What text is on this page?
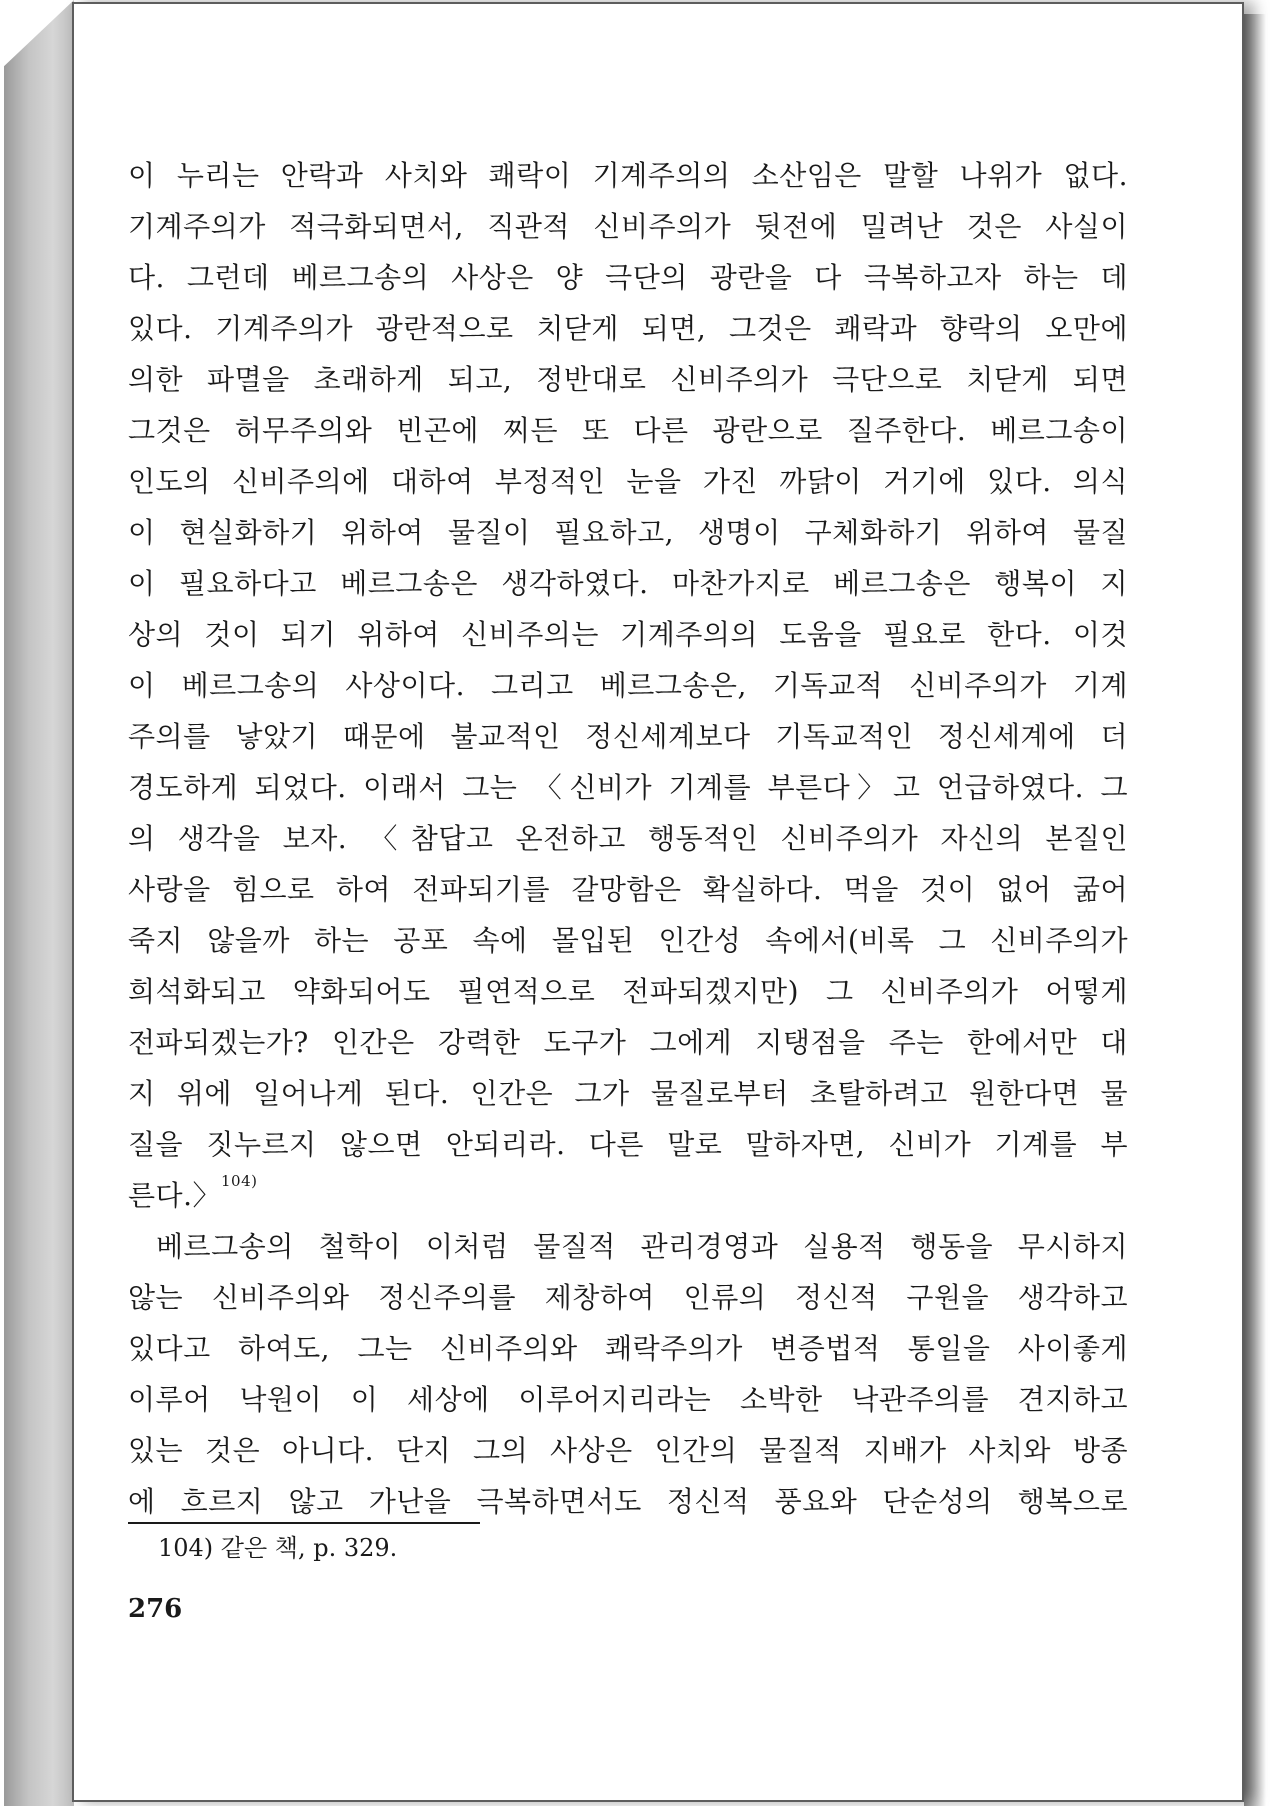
이 누리는 안락과 사치와 쾌락이 기계주의의 소산임은 말할 나위가 없다.
기계주의가 적극화되면서, 직관적 신비주의가 뒷전에 밀려난 것은 사실이
다. 그런데 베르그송의 사상은 양 극단의 광란을 다 극복하고자 하는 데
있다. 기계주의가 광란적으로 치닫게 되면, 그것은 쾌락과 향락의 오만에
의한 파멸을 초래하게 되고, 정반대로 신비주의가 극단으로 치닫게 되면
그것은 허무주의와 빈곤에 찌든 또 다른 광란으로 질주한다. 베르그송이
인도의 신비주의에 대하여 부정적인 눈을 가진 까닭이 거기에 있다. 의식
이 현실화하기 위하여 물질이 필요하고, 생명이 구체화하기 위하여 물질
이 필요하다고 베르그송은 생각하였다. 마찬가지로 베르그송은 행복이 지
상의 것이 되기 위하여 신비주의는 기계주의의 도움을 필요로 한다. 이것
이 베르그송의 사상이다. 그리고 베르그송은, 기독교적 신비주의가 기계
주의를 낳았기 때문에 불교적인 정신세계보다 기독교적인 정신세계에 더
경도하게 되었다. 이래서 그는 〈신비가 기계를 부른다〉고 언급하였다. 그
의 생각을 보자. 〈참답고 온전하고 행동적인 신비주의가 자신의 본질인
사랑을 힘으로 하여 전파되기를 갈망함은 확실하다. 먹을 것이 없어 굶어
죽지 않을까 하는 공포 속에 몰입된 인간성 속에서(비록 그 신비주의가
희석화되고 약화되어도 필연적으로 전파되겠지만) 그 신비주의가 어떻게
전파되겠는가? 인간은 강력한 도구가 그에게 지탱점을 주는 한에서만 대
지 위에 일어나게 된다. 인간은 그가 물질로부터 초탈하려고 원한다면 물
질을 짓누르지 않으면 안되리라. 다른 말로 말하자면, 신비가 기계를 부
른다.〉$^{104)}$
베르그송의 철학이 이처럼 물질적 관리경영과 실용적 행동을 무시하지
않는 신비주의와 정신주의를 제창하여 인류의 정신적 구원을 생각하고
있다고 하여도, 그는 신비주의와 쾌락주의가 변증법적 통일을 사이좋게
이루어 낙원이 이 세상에 이루어지리라는 소박한 낙관주의를 견지하고
있는 것은 아니다. 단지 그의 사상은 인간의 물질적 지배가 사치와 방종
에 흐르지 않고 가난을 극복하면서도 정신적 풍요와 단순성의 행복으로
104) 같은 책, p. 329.
276
